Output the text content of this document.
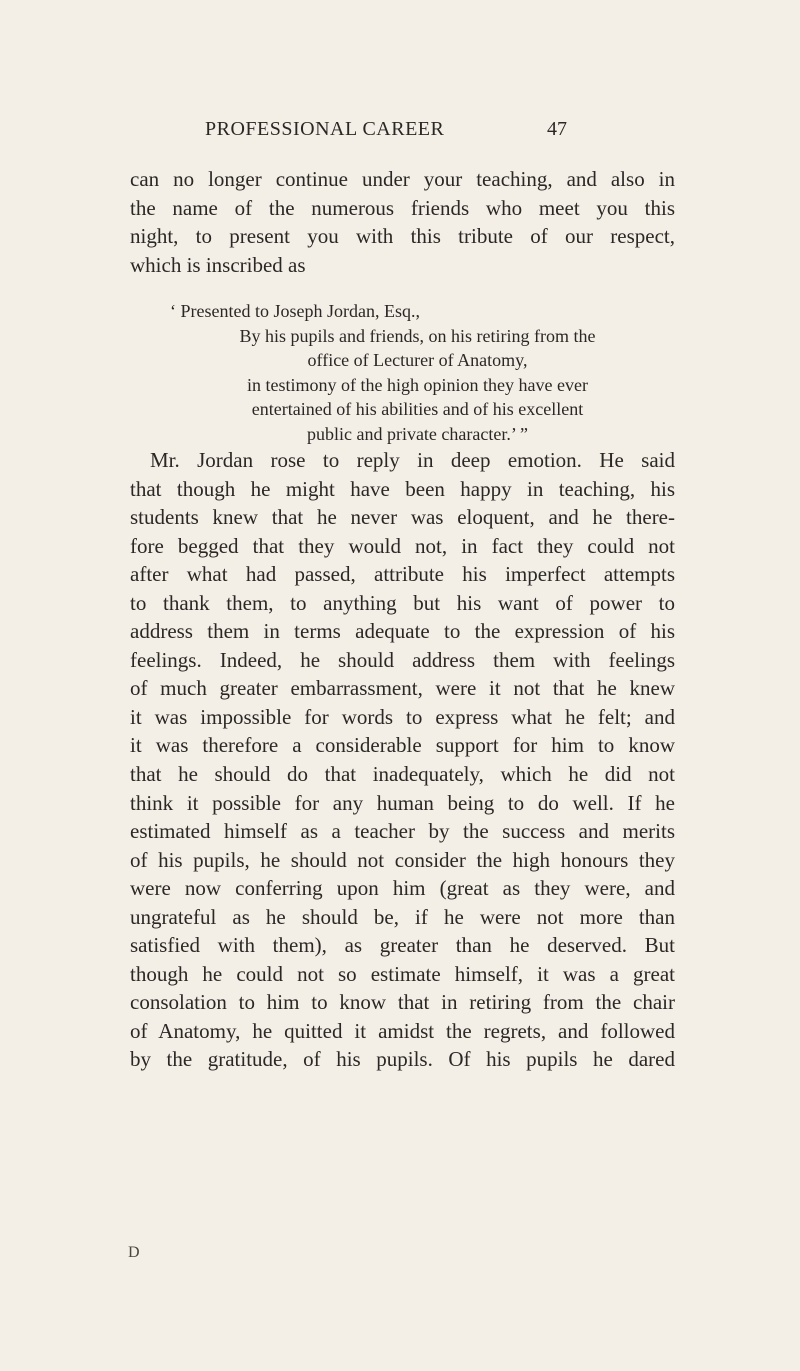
PROFESSIONAL CAREER	47
can no longer continue under your teaching, and also in
the name of the numerous friends who meet you this
night, to present you with this tribute of our respect,
which is inscribed as
‘ Presented to Joseph Jordan, Esq.,
By his pupils and friends, on his retiring from the
office of Lecturer of Anatomy,
in testimony of the high opinion they have ever
entertained of his abilities and of his excellent
public and private character.’ ”
Mr. Jordan rose to reply in deep emotion. He said
that though he might have been happy in teaching, his
students knew that he never was eloquent, and he there-
fore begged that they would not, in fact they could not
after what had passed, attribute his imperfect attempts
to thank them, to anything but his want of power to
address them in terms adequate to the expression of his
feelings. Indeed, he should address them with feelings
of much greater embarrassment, were it not that he knew
it was impossible for words to express what he felt; and
it was therefore a considerable support for him to know
that he should do that inadequately, which he did not
think it possible for any human being to do well. If he
estimated himself as a teacher by the success and merits
of his pupils, he should not consider the high honours they
were now conferring upon him (great as they were, and
ungrateful as he should be, if he were not more than
satisfied with them), as greater than he deserved. But
though he could not so estimate himself, it was a great
consolation to him to know that in retiring from the chair
of Anatomy, he quitted it amidst the regrets, and followed
by the gratitude, of his pupils. Of his pupils he dared
D
